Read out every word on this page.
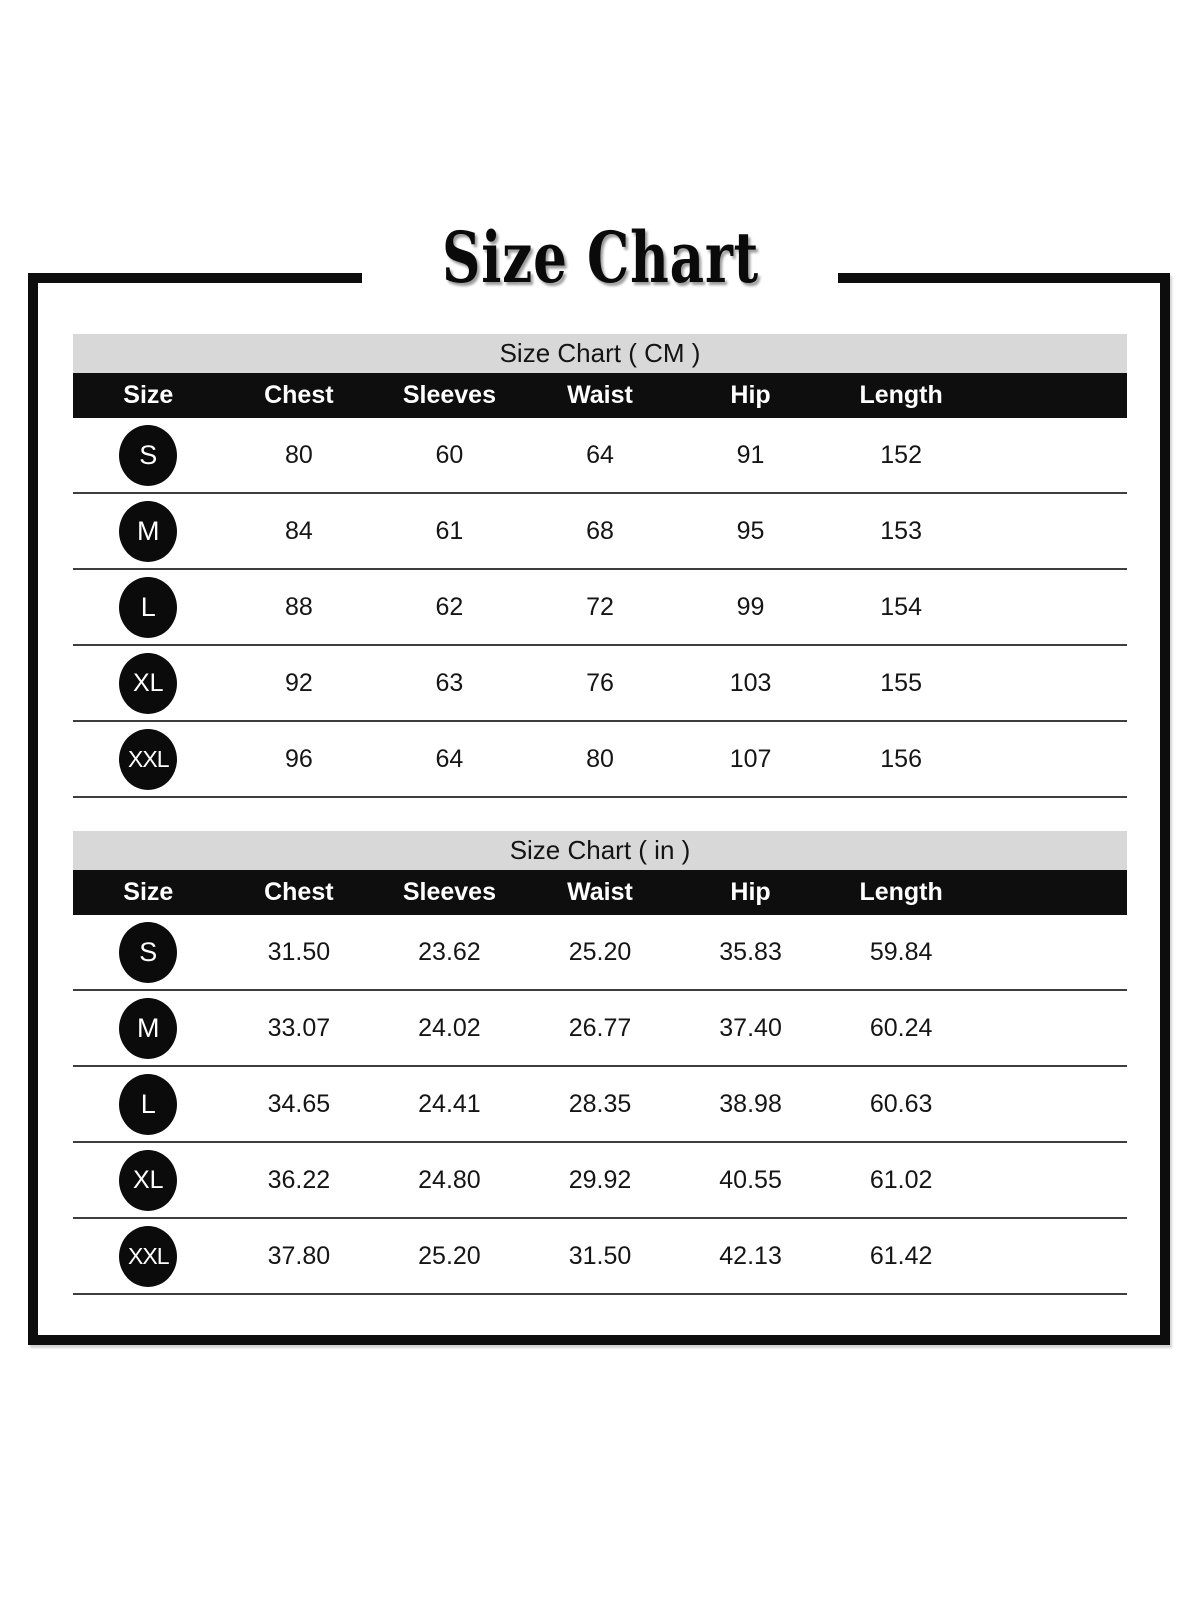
Size Chart
Size Chart ( CM )
Size	Chest	Sleeves	Waist	Hip	Length
S	80	60	64	91	152
M	84	61	68	95	153
L	88	62	72	99	154
XL	92	63	76	103	155
XXL	96	64	80	107	156
Size Chart ( in )
Size	Chest	Sleeves	Waist	Hip	Length
S	31.50	23.62	25.20	35.83	59.84
M	33.07	24.02	26.77	37.40	60.24
L	34.65	24.41	28.35	38.98	60.63
XL	36.22	24.80	29.92	40.55	61.02
XXL	37.80	25.20	31.50	42.13	61.42
